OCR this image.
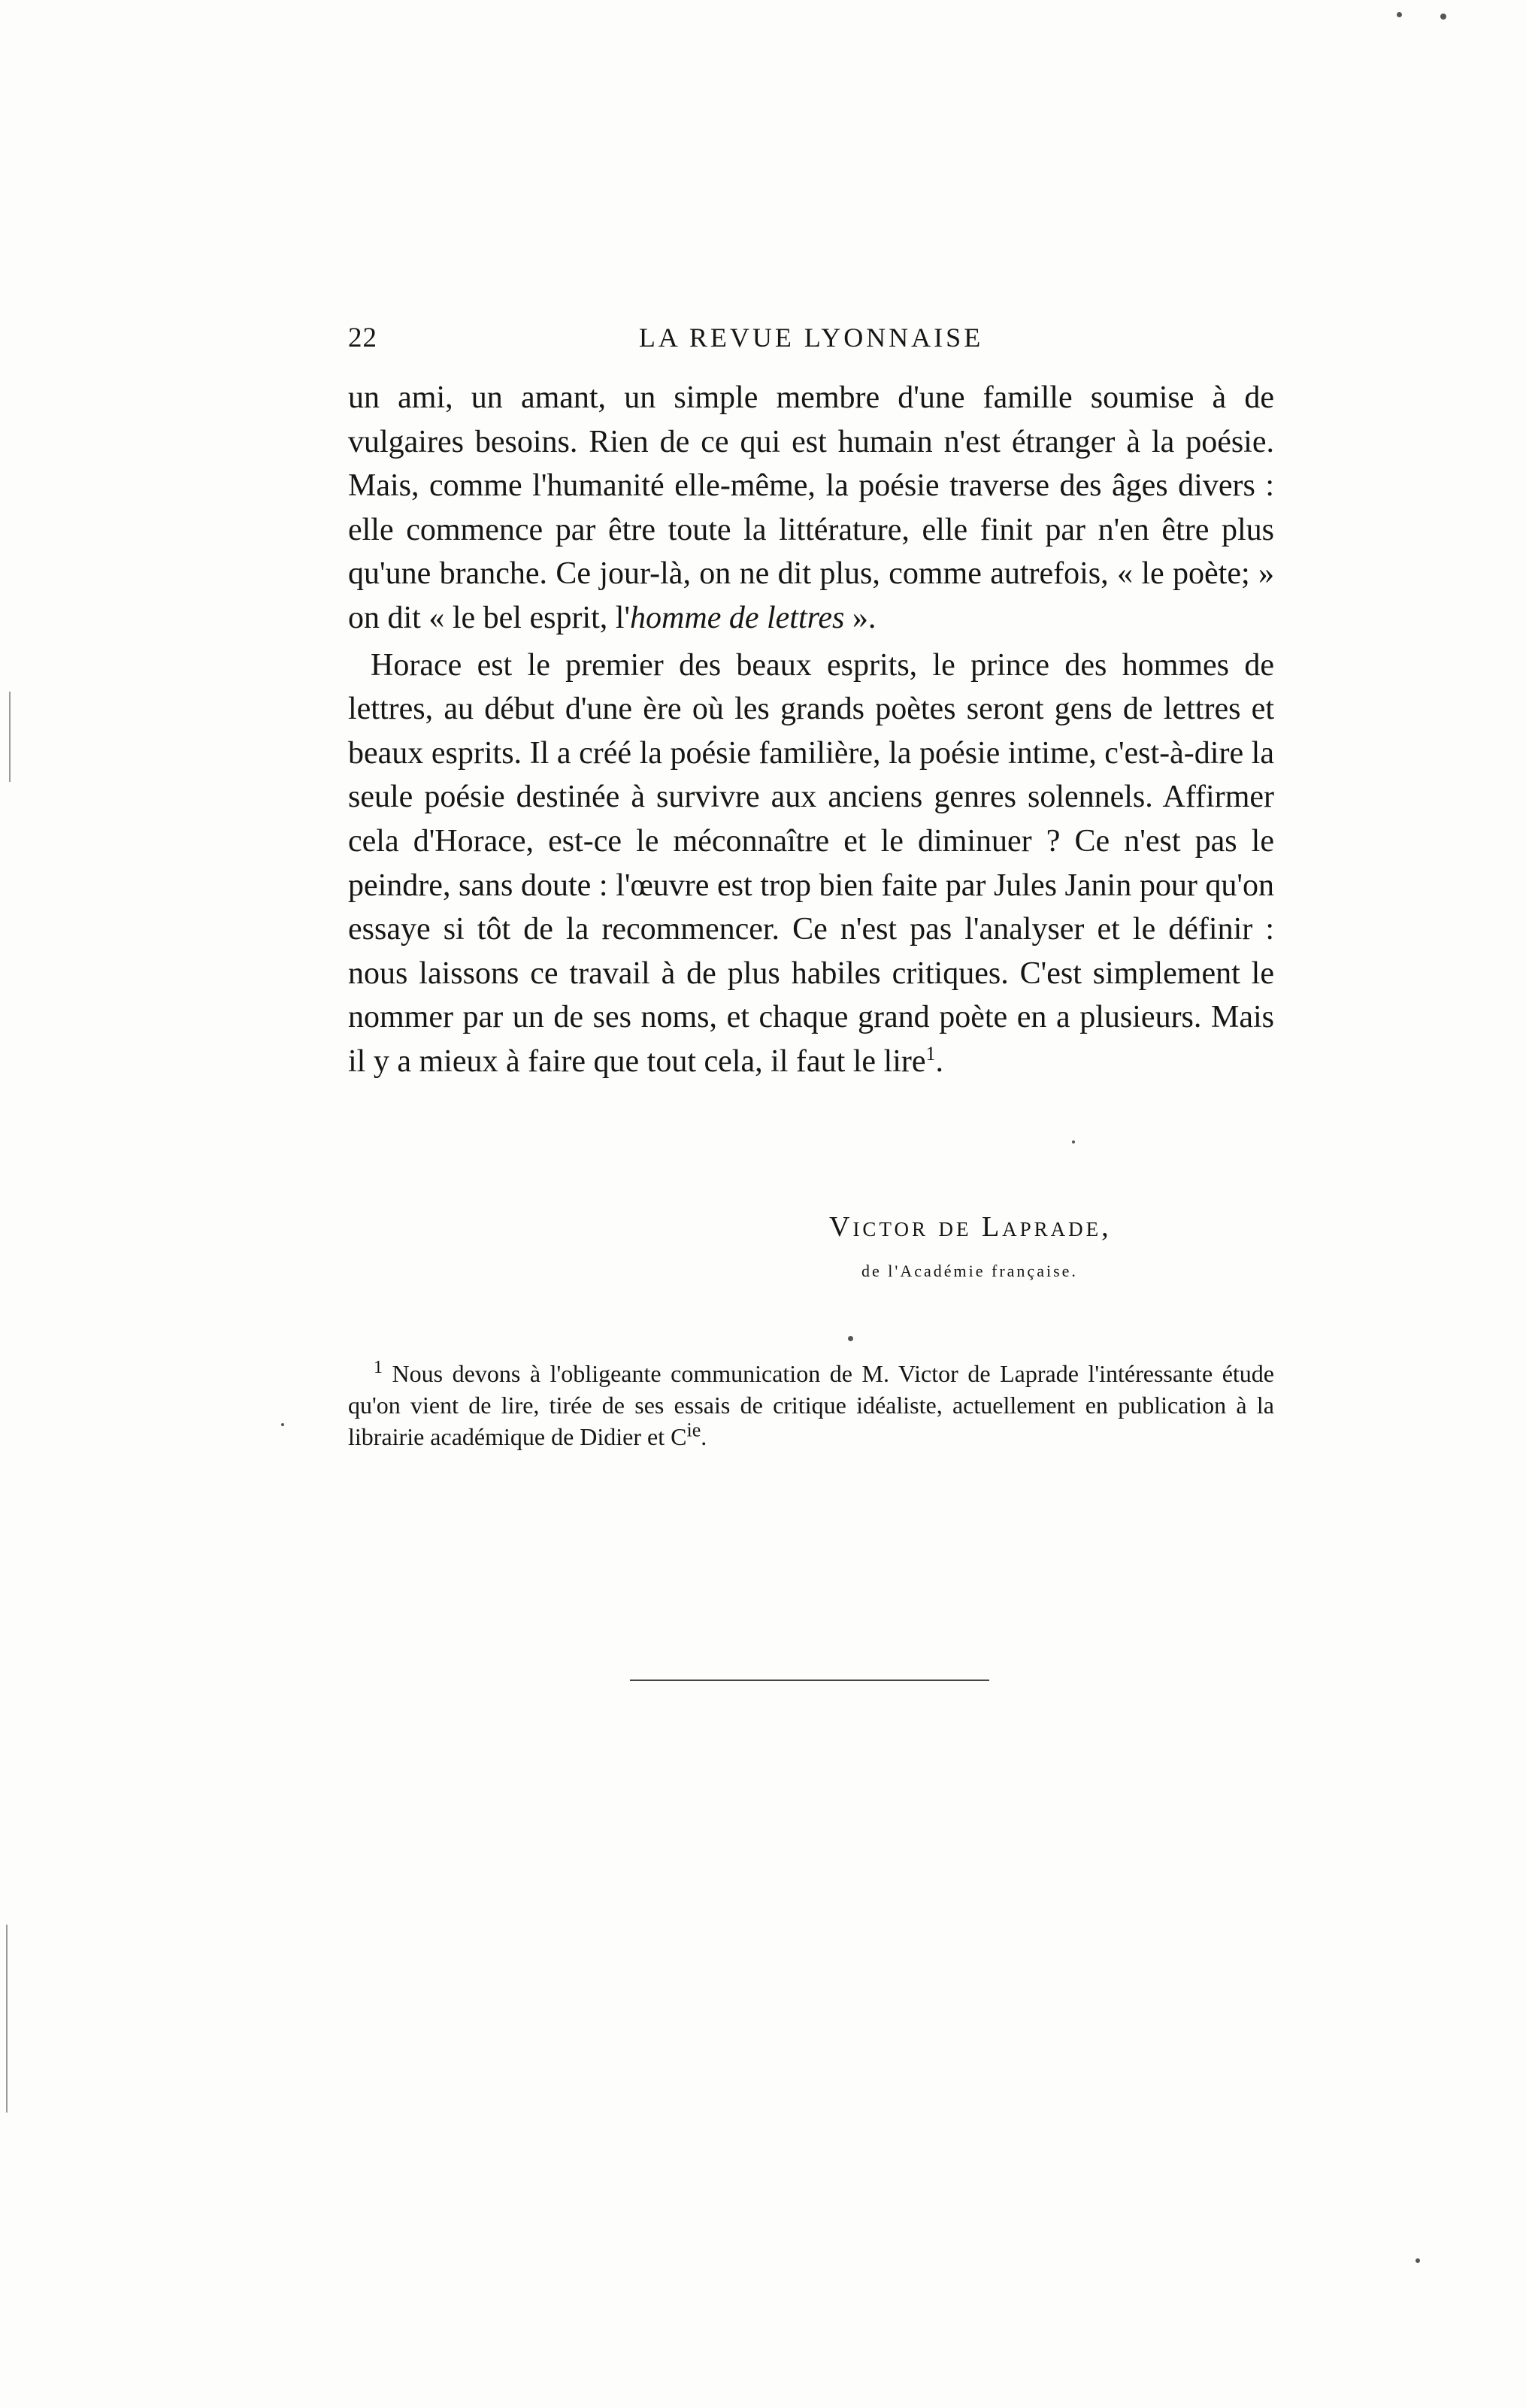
22	LA REVUE LYONNAISE

un ami, un amant, un simple membre d'une famille soumise à de vulgaires besoins. Rien de ce qui est humain n'est étranger à la poésie. Mais, comme l'humanité elle-même, la poésie traverse des âges divers : elle commence par être toute la littérature, elle finit par n'en être plus qu'une branche. Ce jour-là, on ne dit plus, comme autrefois, « le poète; » on dit « le bel esprit, l'homme de lettres ».

Horace est le premier des beaux esprits, le prince des hommes de lettres, au début d'une ère où les grands poètes seront gens de lettres et beaux esprits. Il a créé la poésie familière, la poésie intime, c'est-à-dire la seule poésie destinée à survivre aux anciens genres solennels. Affirmer cela d'Horace, est-ce le méconnaître et le diminuer ? Ce n'est pas le peindre, sans doute : l'œuvre est trop bien faite par Jules Janin pour qu'on essaye si tôt de la recommencer. Ce n'est pas l'analyser et le définir : nous laissons ce travail à de plus habiles critiques. C'est simplement le nommer par un de ses noms, et chaque grand poète en a plusieurs. Mais il y a mieux à faire que tout cela, il faut le lire$^1$.

Victor de Laprade,
de l'Académie française.

$^1$ Nous devons à l'obligeante communication de M. Victor de Laprade l'intéressante étude qu'on vient de lire, tirée de ses essais de critique idéaliste, actuellement en publication à la librairie académique de Didier et $C^{ie}$.
